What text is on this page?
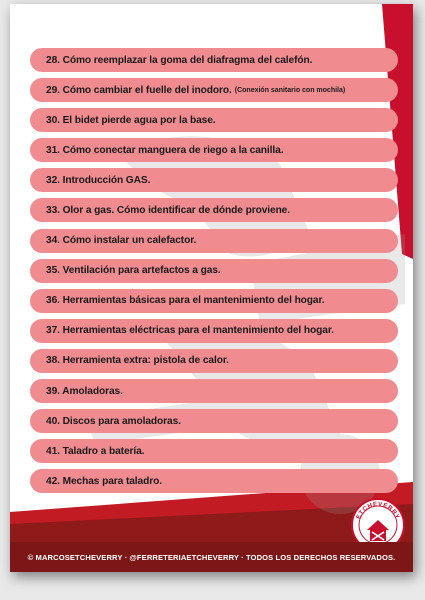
28. Cómo reemplazar la goma del diafragma del calefón.
29. Cómo cambiar el fuelle del inodoro. (Conexión sanitario con mochila)
30. El bidet pierde agua por la base.
31. Cómo conectar manguera de riego a la canilla.
32. Introducción GAS.
33. Olor a gas. Cómo identificar de dónde proviene.
34. Cómo instalar un calefactor.
35. Ventilación para artefactos a gas.
36. Herramientas básicas para el mantenimiento del hogar.
37. Herramientas eléctricas para el mantenimiento del hogar.
38. Herramienta extra: pistola de calor.
39. Amoladoras.
40. Discos para amoladoras.
41. Taladro a batería.
42. Mechas para taladro.
ETCHEVERRY
© MARCOSETCHEVERRY · @FERRETERIAETCHEVERRY · TODOS LOS DERECHOS RESERVADOS.
